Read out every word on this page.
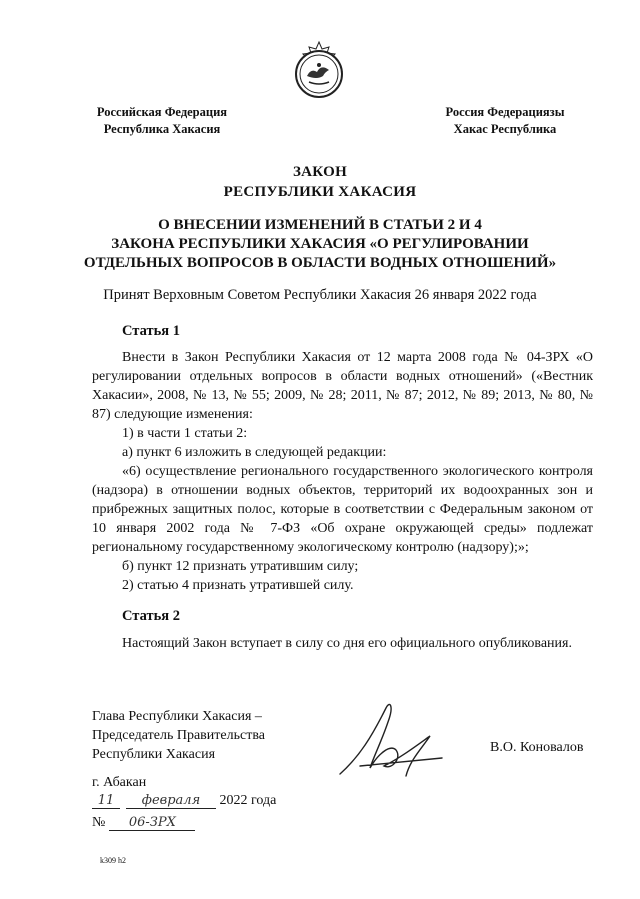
Российская Федерация
Республика Хакасия
Россия Федерациязы
Хакас Республика
ЗАКОН
РЕСПУБЛИКИ ХАКАСИЯ
О ВНЕСЕНИИ ИЗМЕНЕНИЙ В СТАТЬИ 2 И 4
ЗАКОНА РЕСПУБЛИКИ ХАКАСИЯ «О РЕГУЛИРОВАНИИ
ОТДЕЛЬНЫХ ВОПРОСОВ В ОБЛАСТИ ВОДНЫХ ОТНОШЕНИЙ»
Принят Верховным Советом Республики Хакасия 26 января 2022 года
Статья 1

Внести в Закон Республики Хакасия от 12 марта 2008 года № 04-ЗРХ «О регулировании отдельных вопросов в области водных отношений» («Вестник Хакасии», 2008, № 13, № 55; 2009, № 28; 2011, № 87; 2012, № 89; 2013, № 80, № 87) следующие изменения:

1) в части 1 статьи 2:

а) пункт 6 изложить в следующей редакции:

«6) осуществление регионального государственного экологического контроля (надзора) в отношении водных объектов, территорий их водоохранных зон и прибрежных защитных полос, которые в соответствии с Федеральным законом от 10 января 2002 года № 7-ФЗ «Об охране окружающей среды» подлежат региональному государственному экологическому контролю (надзору);»;

б) пункт 12 признать утратившим силу;

2) статью 4 признать утратившей силу.

Статья 2
Настоящий Закон вступает в силу со дня его официального опубликования.
Глава Республики Хакасия –
Председатель Правительства
Республики Хакасия	В.О. Коновалов
г. Абакан
11 февраля 2022 года
№ 06-ЗРХ
k309 h2
